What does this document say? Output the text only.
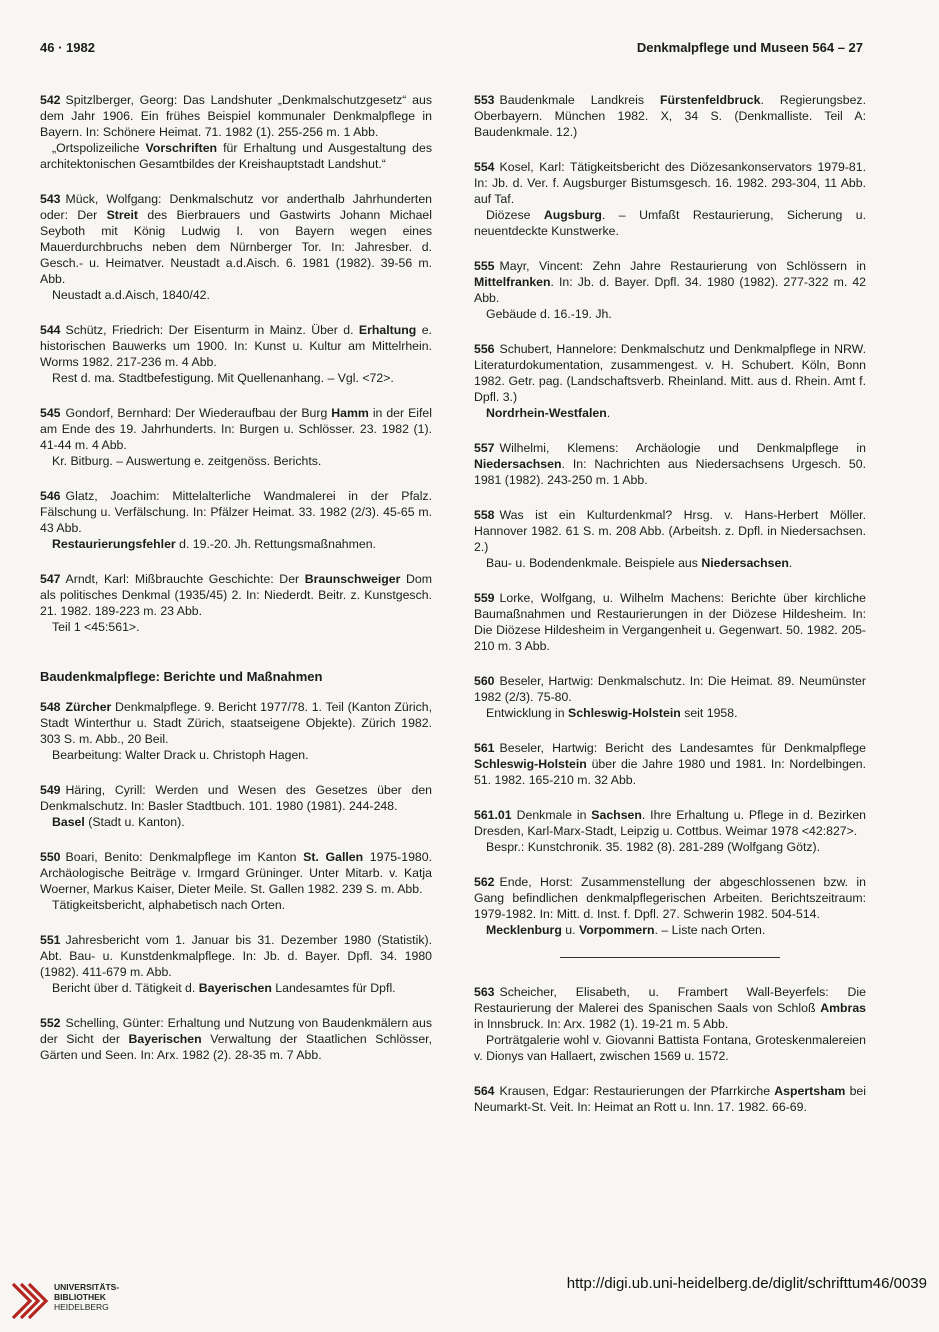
46 · 1982	Denkmalpflege und Museen 564 – 27

542 Spitzlberger, Georg: Das Landshuter „Denkmalschutzgesetz“ aus dem Jahr 1906. Ein frühes Beispiel kommunaler Denkmalpflege in Bayern. In: Schönere Heimat. 71. 1982 (1). 255-256 m. 1 Abb.

„Ortspolizeiliche Vorschriften für Erhaltung und Ausgestaltung des architektonischen Gesamtbildes der Kreishauptstadt Landshut.“

543 Mück, Wolfgang: Denkmalschutz vor anderthalb Jahrhunderten oder: Der Streit des Bierbrauers und Gastwirts Johann Michael Seyboth mit König Ludwig I. von Bayern wegen eines Mauerdurchbruchs neben dem Nürnberger Tor. In: Jahresber. d. Gesch.- u. Heimatver. Neustadt a.d.Aisch. 6. 1981 (1982). 39-56 m. Abb.

Neustadt a.d.Aisch, 1840/42.

544 Schütz, Friedrich: Der Eisenturm in Mainz. Über d. Erhaltung e. historischen Bauwerks um 1900. In: Kunst u. Kultur am Mittelrhein. Worms 1982. 217-236 m. 4 Abb.

Rest d. ma. Stadtbefestigung. Mit Quellenanhang. – Vgl. <72>.

545 Gondorf, Bernhard: Der Wiederaufbau der Burg Hamm in der Eifel am Ende des 19. Jahrhunderts. In: Burgen u. Schlösser. 23. 1982 (1). 41-44 m. 4 Abb.

Kr. Bitburg. – Auswertung e. zeitgenöss. Berichts.

546 Glatz, Joachim: Mittelalterliche Wandmalerei in der Pfalz. Fälschung u. Verfälschung. In: Pfälzer Heimat. 33. 1982 (2/3). 45-65 m. 43 Abb.

Restaurierungsfehler d. 19.-20. Jh. Rettungsmaßnahmen.

547 Arndt, Karl: Mißbrauchte Geschichte: Der Braunschweiger Dom als politisches Denkmal (1935/45) 2. In: Niederdt. Beitr. z. Kunstgesch. 21. 1982. 189-223 m. 23 Abb.

Teil 1 <45:561>.

Baudenkmalpflege: Berichte und Maßnahmen

548 Zürcher Denkmalpflege. 9. Bericht 1977/78. 1. Teil (Kanton Zürich, Stadt Winterthur u. Stadt Zürich, staatseigene Objekte). Zürich 1982. 303 S. m. Abb., 20 Beil.

Bearbeitung: Walter Drack u. Christoph Hagen.

549 Häring, Cyrill: Werden und Wesen des Gesetzes über den Denkmalschutz. In: Basler Stadtbuch. 101. 1980 (1981). 244-248.

Basel (Stadt u. Kanton).

550 Boari, Benito: Denkmalpflege im Kanton St. Gallen 1975-1980. Archäologische Beiträge v. Irmgard Grüninger. Unter Mitarb. v. Katja Woerner, Markus Kaiser, Dieter Meile. St. Gallen 1982. 239 S. m. Abb.

Tätigkeitsbericht, alphabetisch nach Orten.

551 Jahresbericht vom 1. Januar bis 31. Dezember 1980 (Statistik). Abt. Bau- u. Kunstdenkmalpflege. In: Jb. d. Bayer. Dpfl. 34. 1980 (1982). 411-679 m. Abb.

Bericht über d. Tätigkeit d. Bayerischen Landesamtes für Dpfl.

552 Schelling, Günter: Erhaltung und Nutzung von Baudenkmälern aus der Sicht der Bayerischen Verwaltung der Staatlichen Schlösser, Gärten und Seen. In: Arx. 1982 (2). 28-35 m. 7 Abb.

553 Baudenkmale Landkreis Fürstenfeldbruck. Regierungsbez. Oberbayern. München 1982. X, 34 S. (Denkmalliste. Teil A: Baudenkmale. 12.)

554 Kosel, Karl: Tätigkeitsbericht des Diözesankonservators 1979-81. In: Jb. d. Ver. f. Augsburger Bistumsgesch. 16. 1982. 293-304, 11 Abb. auf Taf.

Diözese Augsburg. – Umfaßt Restaurierung, Sicherung u. neuentdeckte Kunstwerke.

555 Mayr, Vincent: Zehn Jahre Restaurierung von Schlössern in Mittelfranken. In: Jb. d. Bayer. Dpfl. 34. 1980 (1982). 277-322 m. 42 Abb.

Gebäude d. 16.-19. Jh.

556 Schubert, Hannelore: Denkmalschutz und Denkmalpflege in NRW. Literaturdokumentation, zusammengest. v. H. Schubert. Köln, Bonn 1982. Getr. pag. (Landschaftsverb. Rheinland. Mitt. aus d. Rhein. Amt f. Dpfl. 3.)

Nordrhein-Westfalen.

557 Wilhelmi, Klemens: Archäologie und Denkmalpflege in Niedersachsen. In: Nachrichten aus Niedersachsens Urgesch. 50. 1981 (1982). 243-250 m. 1 Abb.

558 Was ist ein Kulturdenkmal? Hrsg. v. Hans-Herbert Möller. Hannover 1982. 61 S. m. 208 Abb. (Arbeitsh. z. Dpfl. in Niedersachsen. 2.)

Bau- u. Bodendenkmale. Beispiele aus Niedersachsen.

559 Lorke, Wolfgang, u. Wilhelm Machens: Berichte über kirchliche Baumaßnahmen und Restaurierungen in der Diözese Hildesheim. In: Die Diözese Hildesheim in Vergangenheit u. Gegenwart. 50. 1982. 205-210 m. 3 Abb.

560 Beseler, Hartwig: Denkmalschutz. In: Die Heimat. 89. Neumünster 1982 (2/3). 75-80.

Entwicklung in Schleswig-Holstein seit 1958.

561 Beseler, Hartwig: Bericht des Landesamtes für Denkmalpflege Schleswig-Holstein über die Jahre 1980 und 1981. In: Nordelbingen. 51. 1982. 165-210 m. 32 Abb.

561.01 Denkmale in Sachsen. Ihre Erhaltung u. Pflege in d. Bezirken Dresden, Karl-Marx-Stadt, Leipzig u. Cottbus. Weimar 1978 <42:827>.

Bespr.: Kunstchronik. 35. 1982 (8). 281-289 (Wolfgang Götz).

562 Ende, Horst: Zusammenstellung der abgeschlossenen bzw. in Gang befindlichen denkmalpflegerischen Arbeiten. Berichtszeitraum: 1979-1982. In: Mitt. d. Inst. f. Dpfl. 27. Schwerin 1982. 504-514.

Mecklenburg u. Vorpommern. – Liste nach Orten.

563 Scheicher, Elisabeth, u. Frambert Wall-Beyerfels: Die Restaurierung der Malerei des Spanischen Saals von Schloß Ambras in Innsbruck. In: Arx. 1982 (1). 19-21 m. 5 Abb.

Porträtgalerie wohl v. Giovanni Battista Fontana, Groteskenmalereien v. Dionys van Hallaert, zwischen 1569 u. 1572.

564 Krausen, Edgar: Restaurierungen der Pfarrkirche Aspertsham bei Neumarkt-St. Veit. In: Heimat an Rott u. Inn. 17. 1982. 66-69.

UNIVERSITÄTS-
BIBLIOTHEK
HEIDELBERG
http://digi.ub.uni-heidelberg.de/diglit/schrifttum46/0039
